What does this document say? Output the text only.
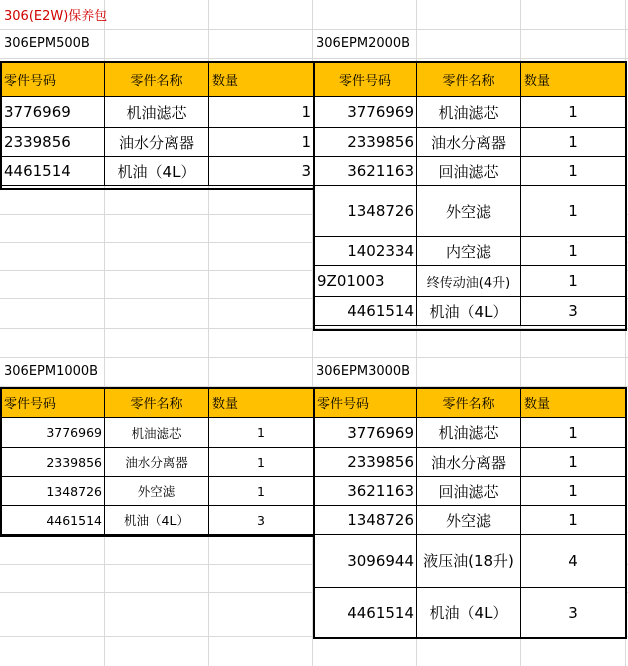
306(E2W)保养包
306EPM500B
零件号码	零件名称	数量
3776969	机油滤芯	1
2339856	油水分离器	1
4461514	机油（4L）	3
306EPM2000B
零件号码	零件名称	数量
3776969	机油滤芯	1
2339856	油水分离器	1
3621163	回油滤芯	1
1348726	外空滤	1
1402334	内空滤	1
9Z01003	终传动油(4升)	1
4461514	机油（4L）	3
306EPM1000B
零件号码	零件名称	数量
3776969	机油滤芯	1
2339856	油水分离器	1
1348726	外空滤	1
4461514	机油（4L）	3
306EPM3000B
零件号码	零件名称	数量
3776969	机油滤芯	1
2339856	油水分离器	1
3621163	回油滤芯	1
1348726	外空滤	1
3096944	液压油(18升)	4
4461514	机油（4L）	3
